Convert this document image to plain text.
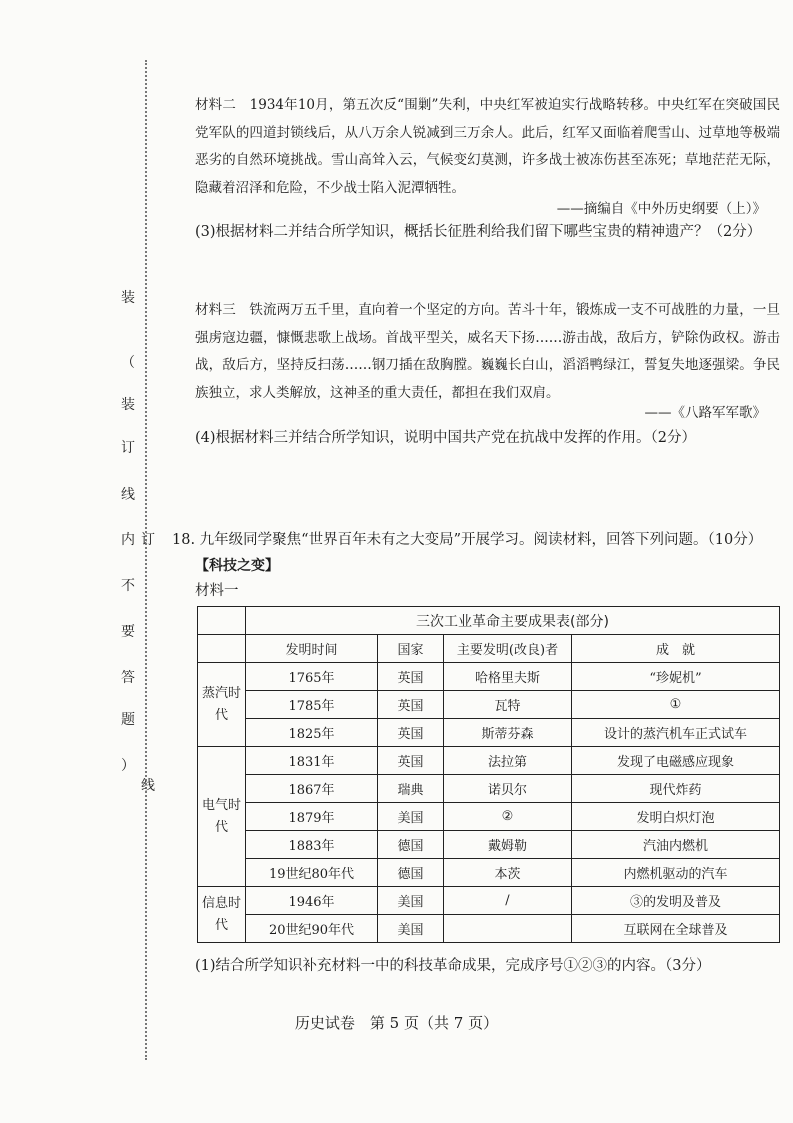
装
（
装
订
线
内 订
不
要
答
题
）
线
材料二　1934年10月，第五次反“围剿”失利，中央红军被迫实行战略转移。中央红军在突破国民党军队的四道封锁线后，从八万余人锐减到三万余人。此后，红军又面临着爬雪山、过草地等极端恶劣的自然环境挑战。雪山高耸入云，气候变幻莫测，许多战士被冻伤甚至冻死；草地茫茫无际，隐藏着沼泽和危险，不少战士陷入泥潭牺牲。
——摘编自《中外历史纲要（上）》
(3)根据材料二并结合所学知识，概括长征胜利给我们留下哪些宝贵的精神遗产？（2分）
材料三　铁流两万五千里，直向着一个坚定的方向。苦斗十年，锻炼成一支不可战胜的力量，一旦强虏寇边疆，慷慨悲歌上战场。首战平型关，威名天下扬……游击战，敌后方，铲除伪政权。游击战，敌后方，坚持反扫荡……钢刀插在敌胸膛。巍巍长白山，滔滔鸭绿江，誓复失地逐强梁。争民族独立，求人类解放，这神圣的重大责任，都担在我们双肩。
——《八路军军歌》
(4)根据材料三并结合所学知识，说明中国共产党在抗战中发挥的作用。（2分）
18. 九年级同学聚焦“世界百年未有之大变局”开展学习。阅读材料，回答下列问题。（10分）
【科技之变】
材料一
	三次工业革命主要成果表(部分)			
	发明时间	国家	主要发明(改良)者	成　就
蒸汽时代	1765年	英国	哈格里夫斯	“珍妮机”
	1785年	英国	瓦特	①
	1825年	英国	斯蒂芬森	设计的蒸汽机车正式试车
电气时代	1831年	英国	法拉第	发现了电磁感应现象
	1867年	瑞典	诺贝尔	现代炸药
	1879年	美国	②	发明白炽灯泡
	1883年	德国	戴姆勒	汽油内燃机
	19世纪80年代	德国	本茨	内燃机驱动的汽车
信息时代	1946年	美国	/	③的发明及普及
	20世纪90年代	美国		互联网在全球普及
(1)结合所学知识补充材料一中的科技革命成果，完成序号①②③的内容。（3分）
历史试卷　第 5 页（共 7 页）
